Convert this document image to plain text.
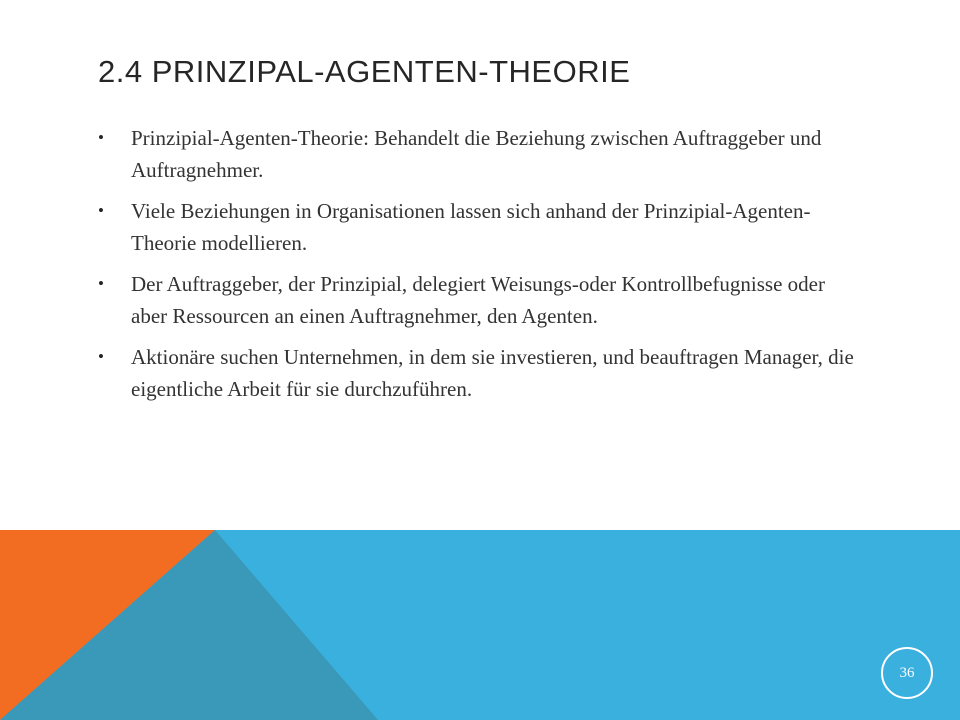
2.4 PRINZIPAL-AGENTEN-THEORIE
• Prinzipial-Agenten-Theorie: Behandelt die Beziehung zwischen Auftraggeber und Auftragnehmer.
• Viele Beziehungen in Organisationen lassen sich anhand der Prinzipial-Agenten-Theorie modellieren.
• Der Auftraggeber, der Prinzipial, delegiert Weisungs-oder Kontrollbefugnisse oder aber Ressourcen an einen Auftragnehmer, den Agenten.
• Aktionäre suchen Unternehmen, in dem sie investieren, und beauftragen Manager, die eigentliche Arbeit für sie durchzuführen.
36
